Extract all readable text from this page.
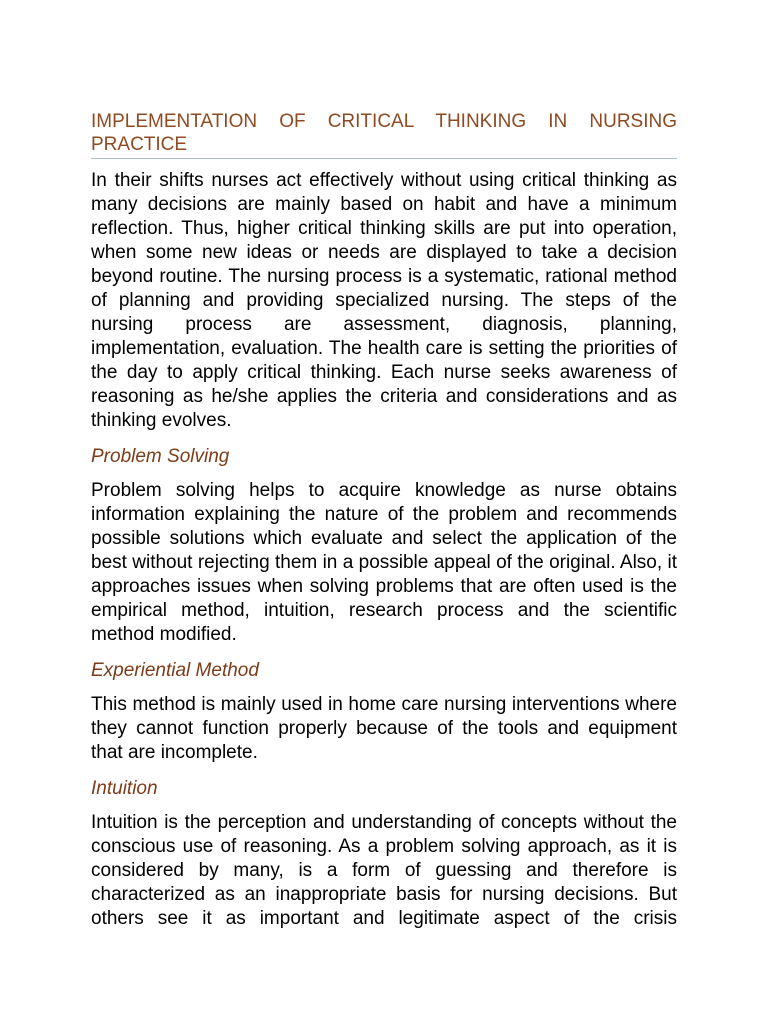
IMPLEMENTATION OF CRITICAL THINKING IN NURSING PRACTICE

In their shifts nurses act effectively without using critical thinking as many decisions are mainly based on habit and have a minimum reflection. Thus, higher critical thinking skills are put into operation, when some new ideas or needs are displayed to take a decision beyond routine. The nursing process is a systematic, rational method of planning and providing specialized nursing. The steps of the nursing process are assessment, diagnosis, planning, implementation, evaluation. The health care is setting the priorities of the day to apply critical thinking. Each nurse seeks awareness of reasoning as he/she applies the criteria and considerations and as thinking evolves.

Problem Solving

Problem solving helps to acquire knowledge as nurse obtains information explaining the nature of the problem and recommends possible solutions which evaluate and select the application of the best without rejecting them in a possible appeal of the original. Also, it approaches issues when solving problems that are often used is the empirical method, intuition, research process and the scientific method modified.

Experiential Method

This method is mainly used in home care nursing interventions where they cannot function properly because of the tools and equipment that are incomplete.

Intuition

Intuition is the perception and understanding of concepts without the conscious use of reasoning. As a problem solving approach, as it is considered by many, is a form of guessing and therefore is characterized as an inappropriate basis for nursing decisions. But others see it as important and legitimate aspect of the crisis
